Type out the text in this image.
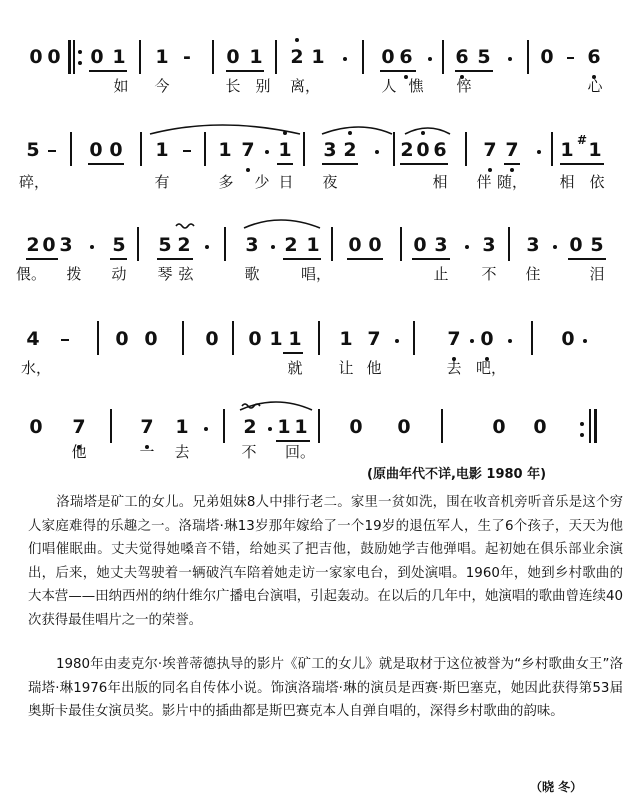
0 0 0 1 1 - 0 1 2 1	0 6 6 5	0 6
如 今	长 别 离，	人 憔 悴	心
5	0 0 1	1 7 1 3 2 2 0 6 7 7 1 # 1
碎，	有	多 少 日 夜	相 伴 随， 相 依
2 0 3 5 5 2	3 2 1 0 0 0 3 3 3 0 5
偎。 拨 动 琴 弦	歌	唱，	止 不 住	泪
4	0 0	0 0 1 1 1 7	7 0	0
水，	就 让 他	去 吧，
0 7	7 1	2 1 1 0 0	0 0
他	一 去	不 回。
(原曲年代不详,电影 1980 年)
洛瑞塔是矿工的女儿。兄弟姐妹8人中排行老二。家里一贫如洗，围在收音机旁听音乐是这个穷人家庭难得的乐趣之一。洛瑞塔·琳13岁那年嫁给了一个19岁的退伍军人，生了6个孩子，天天为他们唱催眠曲。丈夫觉得她嗓音不错，给她买了把吉他，鼓励她学吉他弹唱。起初她在俱乐部业余演出，后来，她丈夫驾驶着一辆破汽车陪着她走访一家家电台，到处演唱。1960年，她到乡村歌曲的大本营——田纳西州的纳什维尔广播电台演唱，引起轰动。在以后的几年中，她演唱的歌曲曾连续40次获得最佳唱片之一的荣誉。
1980年由麦克尔·埃普蒂德执导的影片《矿工的女儿》就是取材于这位被誉为“乡村歌曲女王”洛瑞塔·琳1976年出版的同名自传体小说。饰演洛瑞塔·琳的演员是西赛·斯巴塞克，她因此获得第53届奥斯卡最佳女演员奖。影片中的插曲都是斯巴赛克本人自弹自唱的，深得乡村歌曲的韵味。
（晓 冬）
